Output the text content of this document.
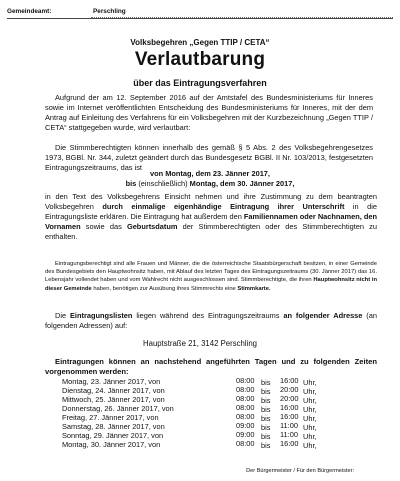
Gemeindeamt:	Perschling
Volksbegehren „Gegen TTIP / CETA“
Verlautbarung
über das Eintragungsverfahren

Aufgrund der am 12. September 2016 auf der Amtstafel des Bundesministeriums für Inneres sowie im Internet veröffentlichten Entscheidung des Bundesministeriums für Inneres, mit der dem Antrag auf Einleitung des Verfahrens für ein Volksbegehren mit der Kurzbezeichnung „Gegen TTIP / CETA“ stattgegeben wurde, wird verlautbart:

Die Stimmberechtigten können innerhalb des gemäß § 5 Abs. 2 des Volksbegehrengesetzes 1973, BGBl. Nr. 344, zuletzt geändert durch das Bundesgesetz BGBl. II Nr. 103/2013, festgesetzten Eintragungszeitraums, das ist

von Montag, dem 23. Jänner 2017,
bis (einschließlich) Montag, dem 30. Jänner 2017,

in den Text des Volksbegehrens Einsicht nehmen und ihre Zustimmung zu dem beantragten Volksbegehren durch einmalige eigenhändige Eintragung ihrer Unterschrift in die Eintragungsliste erklären. Die Eintragung hat außerdem den Familiennamen oder Nachnamen, den Vornamen sowie das Geburtsdatum der Stimmberechtigten oder des Stimmberechtigten zu enthalten.

Eintragungsberechtigt sind alle Frauen und Männer, die die österreichische Staatsbürgerschaft besitzen, in einer Gemeinde des Bundesgebiets den Hauptwohnsitz haben, mit Ablauf des letzten Tages des Eintragungszeitraums (30. Jänner 2017) das 16. Lebensjahr vollendet haben und vom Wahlrecht nicht ausgeschlossen sind. Stimmberechtigte, die ihren Hauptwohnsitz nicht in dieser Gemeinde haben, benötigen zur Ausübung ihres Stimmrechts eine Stimmkarte.

Die Eintragungslisten liegen während des Eintragungszeitraums an folgender Adresse (an folgenden Adressen) auf:

Hauptstraße 21, 3142 Perschling

Eintragungen können an nachstehend angeführten Tagen und zu folgenden Zeiten vorgenommen werden:

Montag, 23. Jänner 2017, von	08:00 bis 16:00 Uhr,
Dienstag, 24. Jänner 2017, von	08:00 bis 20:00 Uhr,
Mittwoch, 25. Jänner 2017, von	08:00 bis 20:00 Uhr,
Donnerstag, 26. Jänner 2017, von	08:00 bis 16:00 Uhr,
Freitag, 27. Jänner 2017, von	08:00 bis 16:00 Uhr,
Samstag, 28. Jänner 2017, von	09:00 bis 11:00 Uhr,
Sonntag, 29. Jänner 2017, von	09:00 bis 11:00 Uhr,
Montag, 30. Jänner 2017, von	08:00 bis 16:00 Uhr,
Der Bürgermeister / Für den Bürgermeister:
